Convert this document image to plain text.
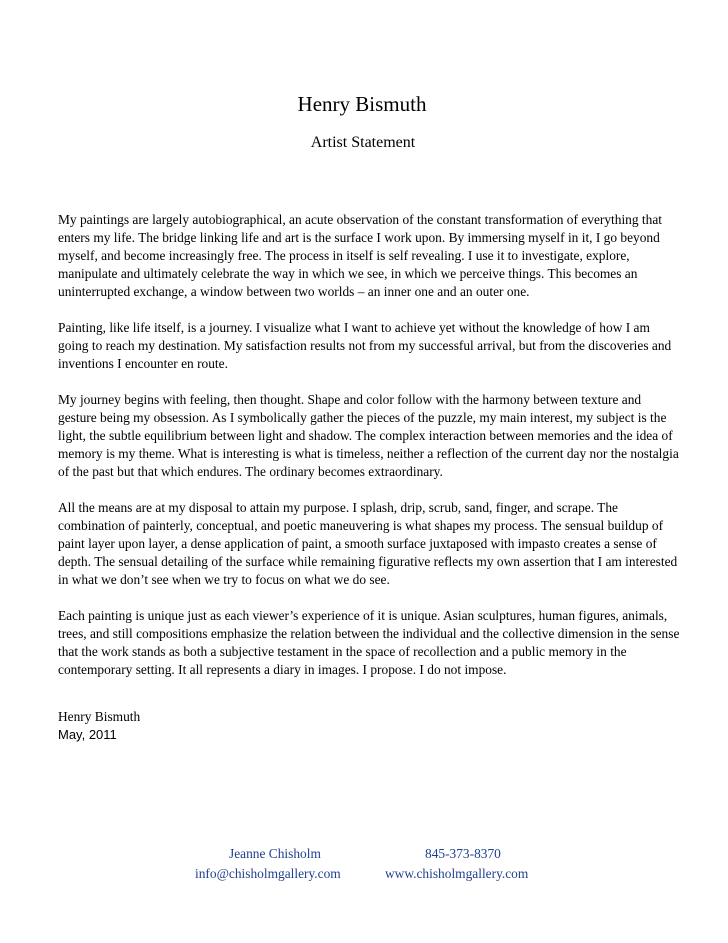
Henry Bismuth
Artist Statement

My paintings are largely autobiographical, an acute observation of the constant transformation of everything that enters my life. The bridge linking life and art is the surface I work upon. By immersing myself in it, I go beyond myself, and become increasingly free. The process in itself is self revealing. I use it to investigate, explore, manipulate and ultimately celebrate the way in which we see, in which we perceive things. This becomes an uninterrupted exchange, a window between two worlds – an inner one and an outer one.

Painting, like life itself, is a journey. I visualize what I want to achieve yet without the knowledge of how I am going to reach my destination. My satisfaction results not from my successful arrival, but from the discoveries and inventions I encounter en route.

My journey begins with feeling, then thought. Shape and color follow with the harmony between texture and gesture being my obsession. As I symbolically gather the pieces of the puzzle, my main interest, my subject is the light, the subtle equilibrium between light and shadow. The complex interaction between memories and the idea of memory is my theme. What is interesting is what is timeless, neither a reflection of the current day nor the nostalgia of the past but that which endures. The ordinary becomes extraordinary.

All the means are at my disposal to attain my purpose. I splash, drip, scrub, sand, finger, and scrape. The combination of painterly, conceptual, and poetic maneuvering is what shapes my process. The sensual buildup of paint layer upon layer, a dense application of paint, a smooth surface juxtaposed with impasto creates a sense of depth. The sensual detailing of the surface while remaining figurative reflects my own assertion that I am interested in what we don’t see when we try to focus on what we do see.

Each painting is unique just as each viewer’s experience of it is unique. Asian sculptures, human figures, animals, trees, and still compositions emphasize the relation between the individual and the collective dimension in the sense that the work stands as both a subjective testament in the space of recollection and a public memory in the contemporary setting. It all represents a diary in images. I propose. I do not impose.

Henry Bismuth
May, 2011
Jeanne Chisholm	845-373-8370
info@chisholmgallery.com	www.chisholmgallery.com
